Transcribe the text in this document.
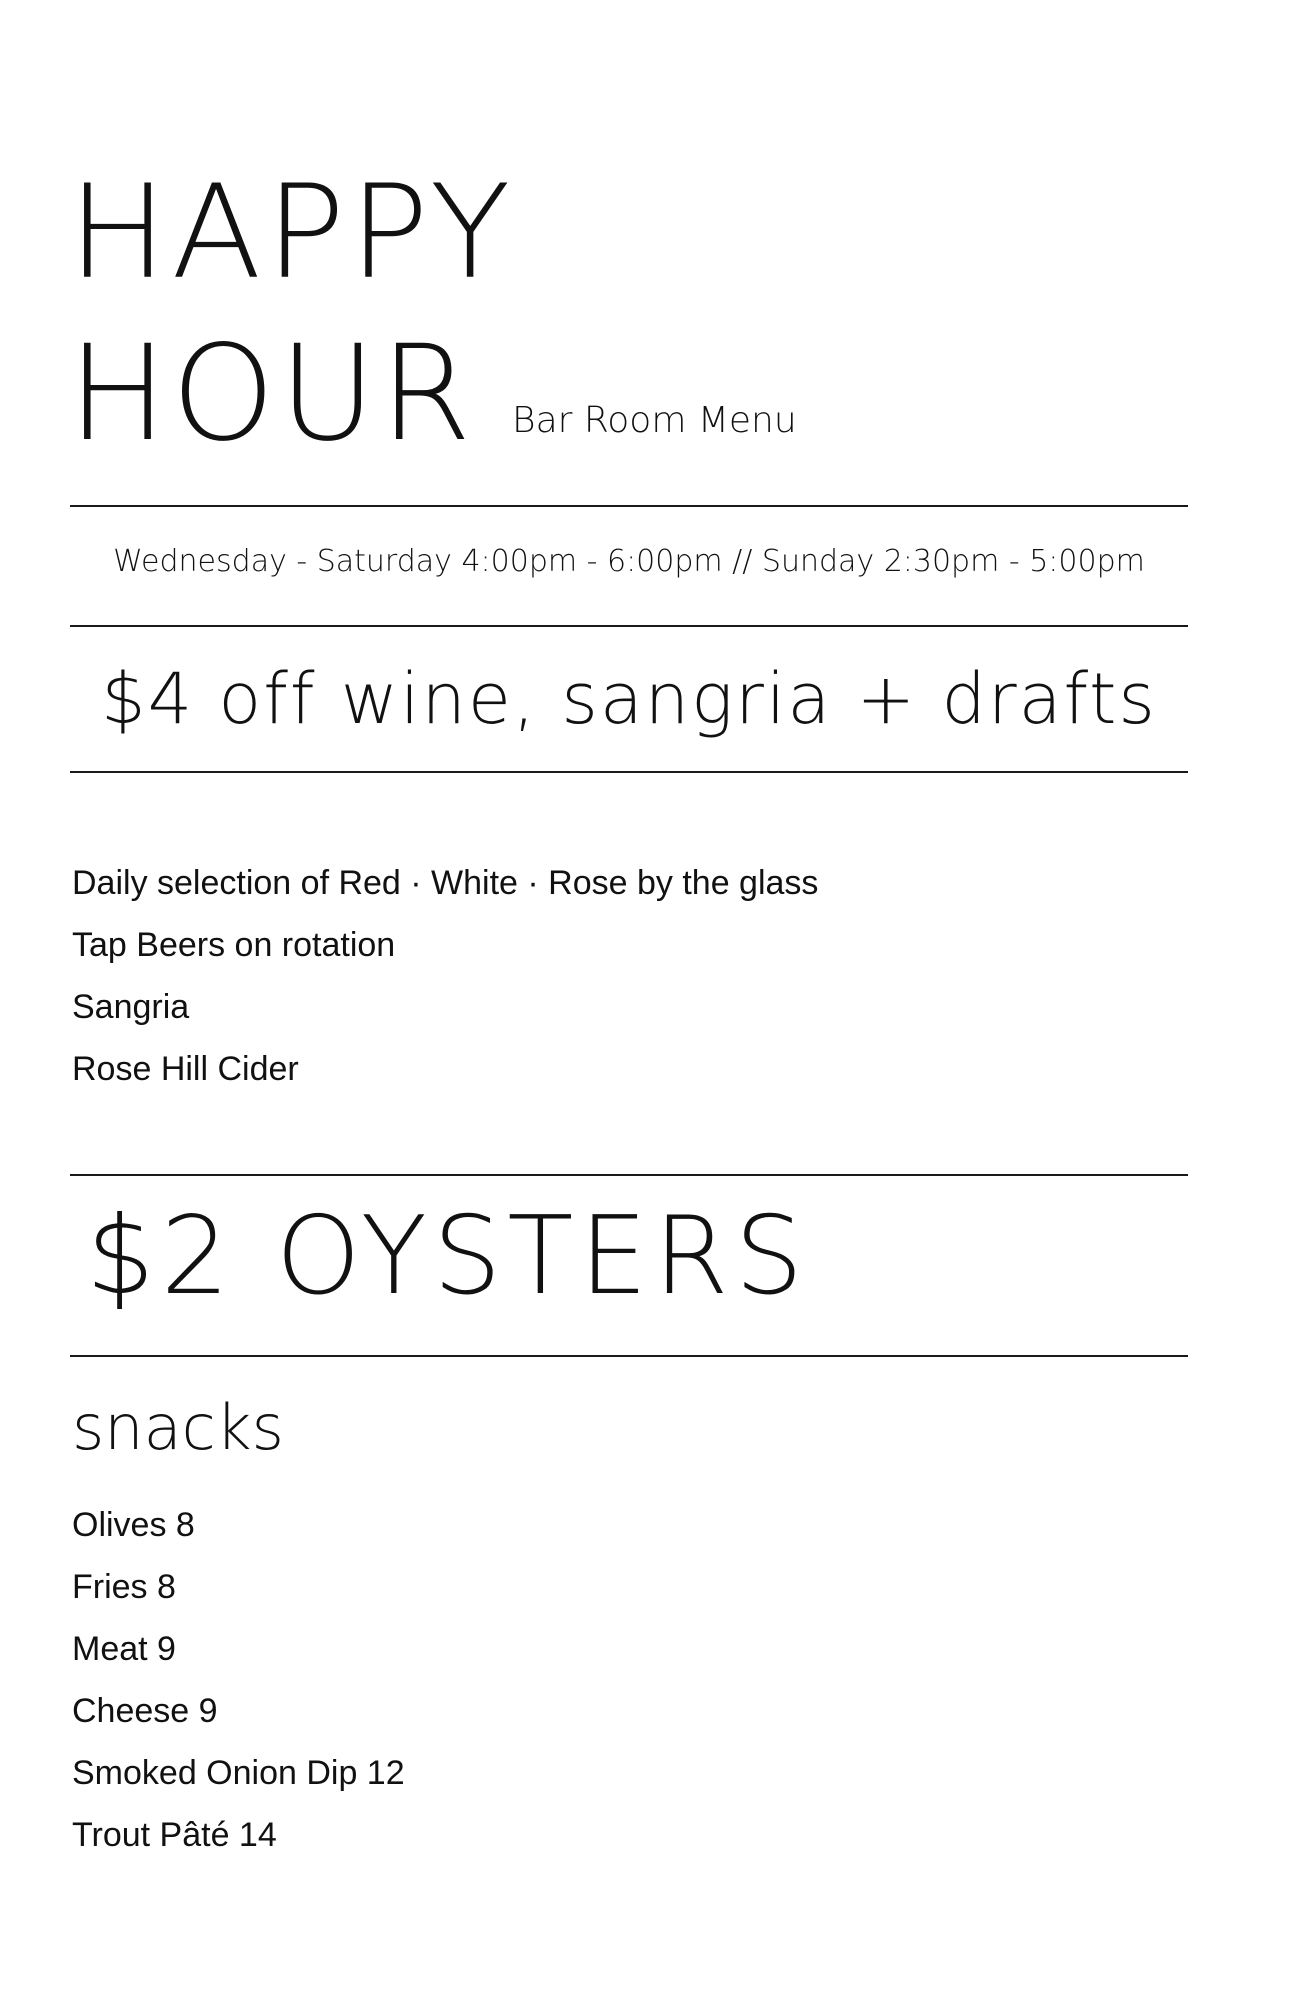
HAPPY
HOUR Bar Room Menu
Wednesday - Saturday 4:00pm - 6:00pm // Sunday 2:30pm - 5:00pm
$4 off wine, sangria + drafts
Daily selection of Red · White · Rose by the glass
Tap Beers on rotation
Sangria
Rose Hill Cider
$2 OYSTERS
snacks
Olives 8
Fries 8
Meat 9
Cheese 9
Smoked Onion Dip 12
Trout Pâté 14
